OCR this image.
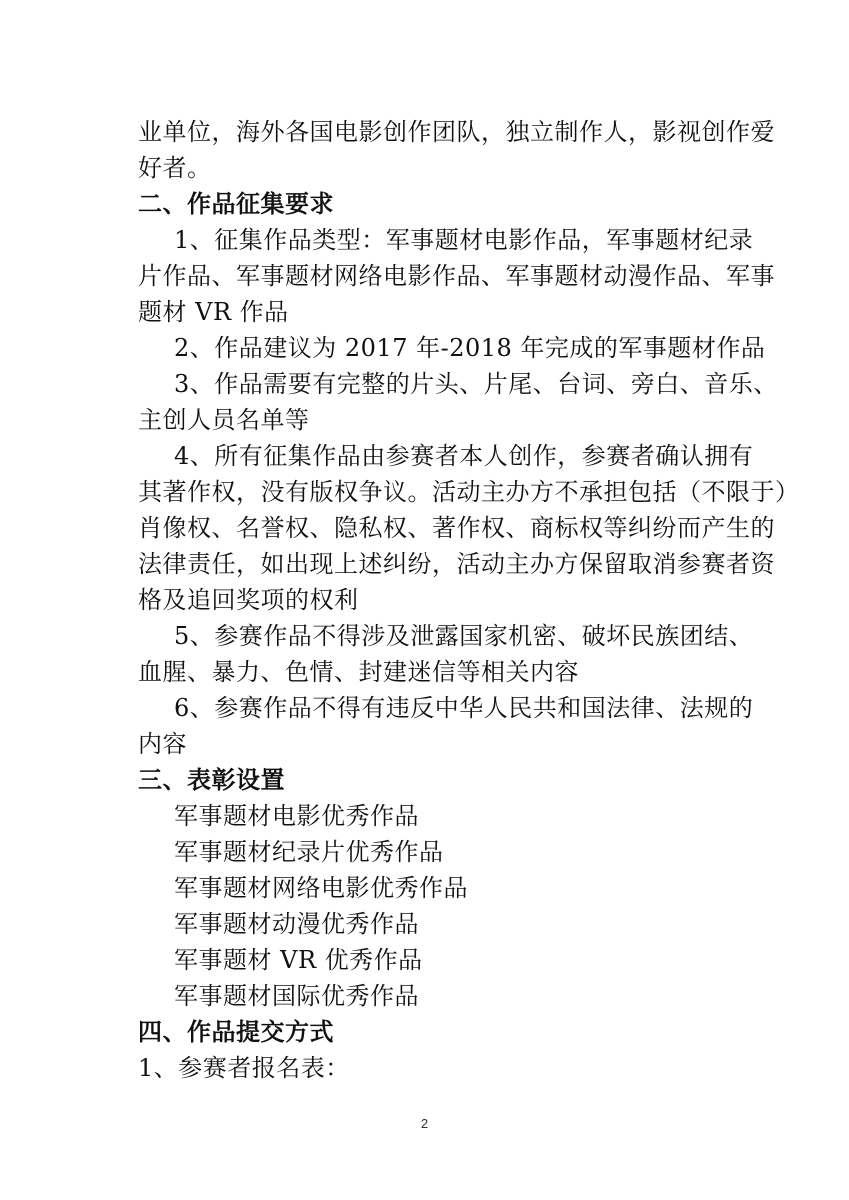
业单位，海外各国电影创作团队，独立制作人，影视创作爱
好者。
二、作品征集要求
1、征集作品类型：军事题材电影作品，军事题材纪录
片作品、军事题材网络电影作品、军事题材动漫作品、军事
题材 VR 作品
2、作品建议为 2017 年-2018 年完成的军事题材作品
3、作品需要有完整的片头、片尾、台词、旁白、音乐、
主创人员名单等
4、所有征集作品由参赛者本人创作，参赛者确认拥有
其著作权，没有版权争议。活动主办方不承担包括（不限于）
肖像权、名誉权、隐私权、著作权、商标权等纠纷而产生的
法律责任，如出现上述纠纷，活动主办方保留取消参赛者资
格及追回奖项的权利
5、参赛作品不得涉及泄露国家机密、破坏民族团结、
血腥、暴力、色情、封建迷信等相关内容
6、参赛作品不得有违反中华人民共和国法律、法规的
内容
三、表彰设置
军事题材电影优秀作品
军事题材纪录片优秀作品
军事题材网络电影优秀作品
军事题材动漫优秀作品
军事题材 VR 优秀作品
军事题材国际优秀作品
四、作品提交方式
1、参赛者报名表：
2
